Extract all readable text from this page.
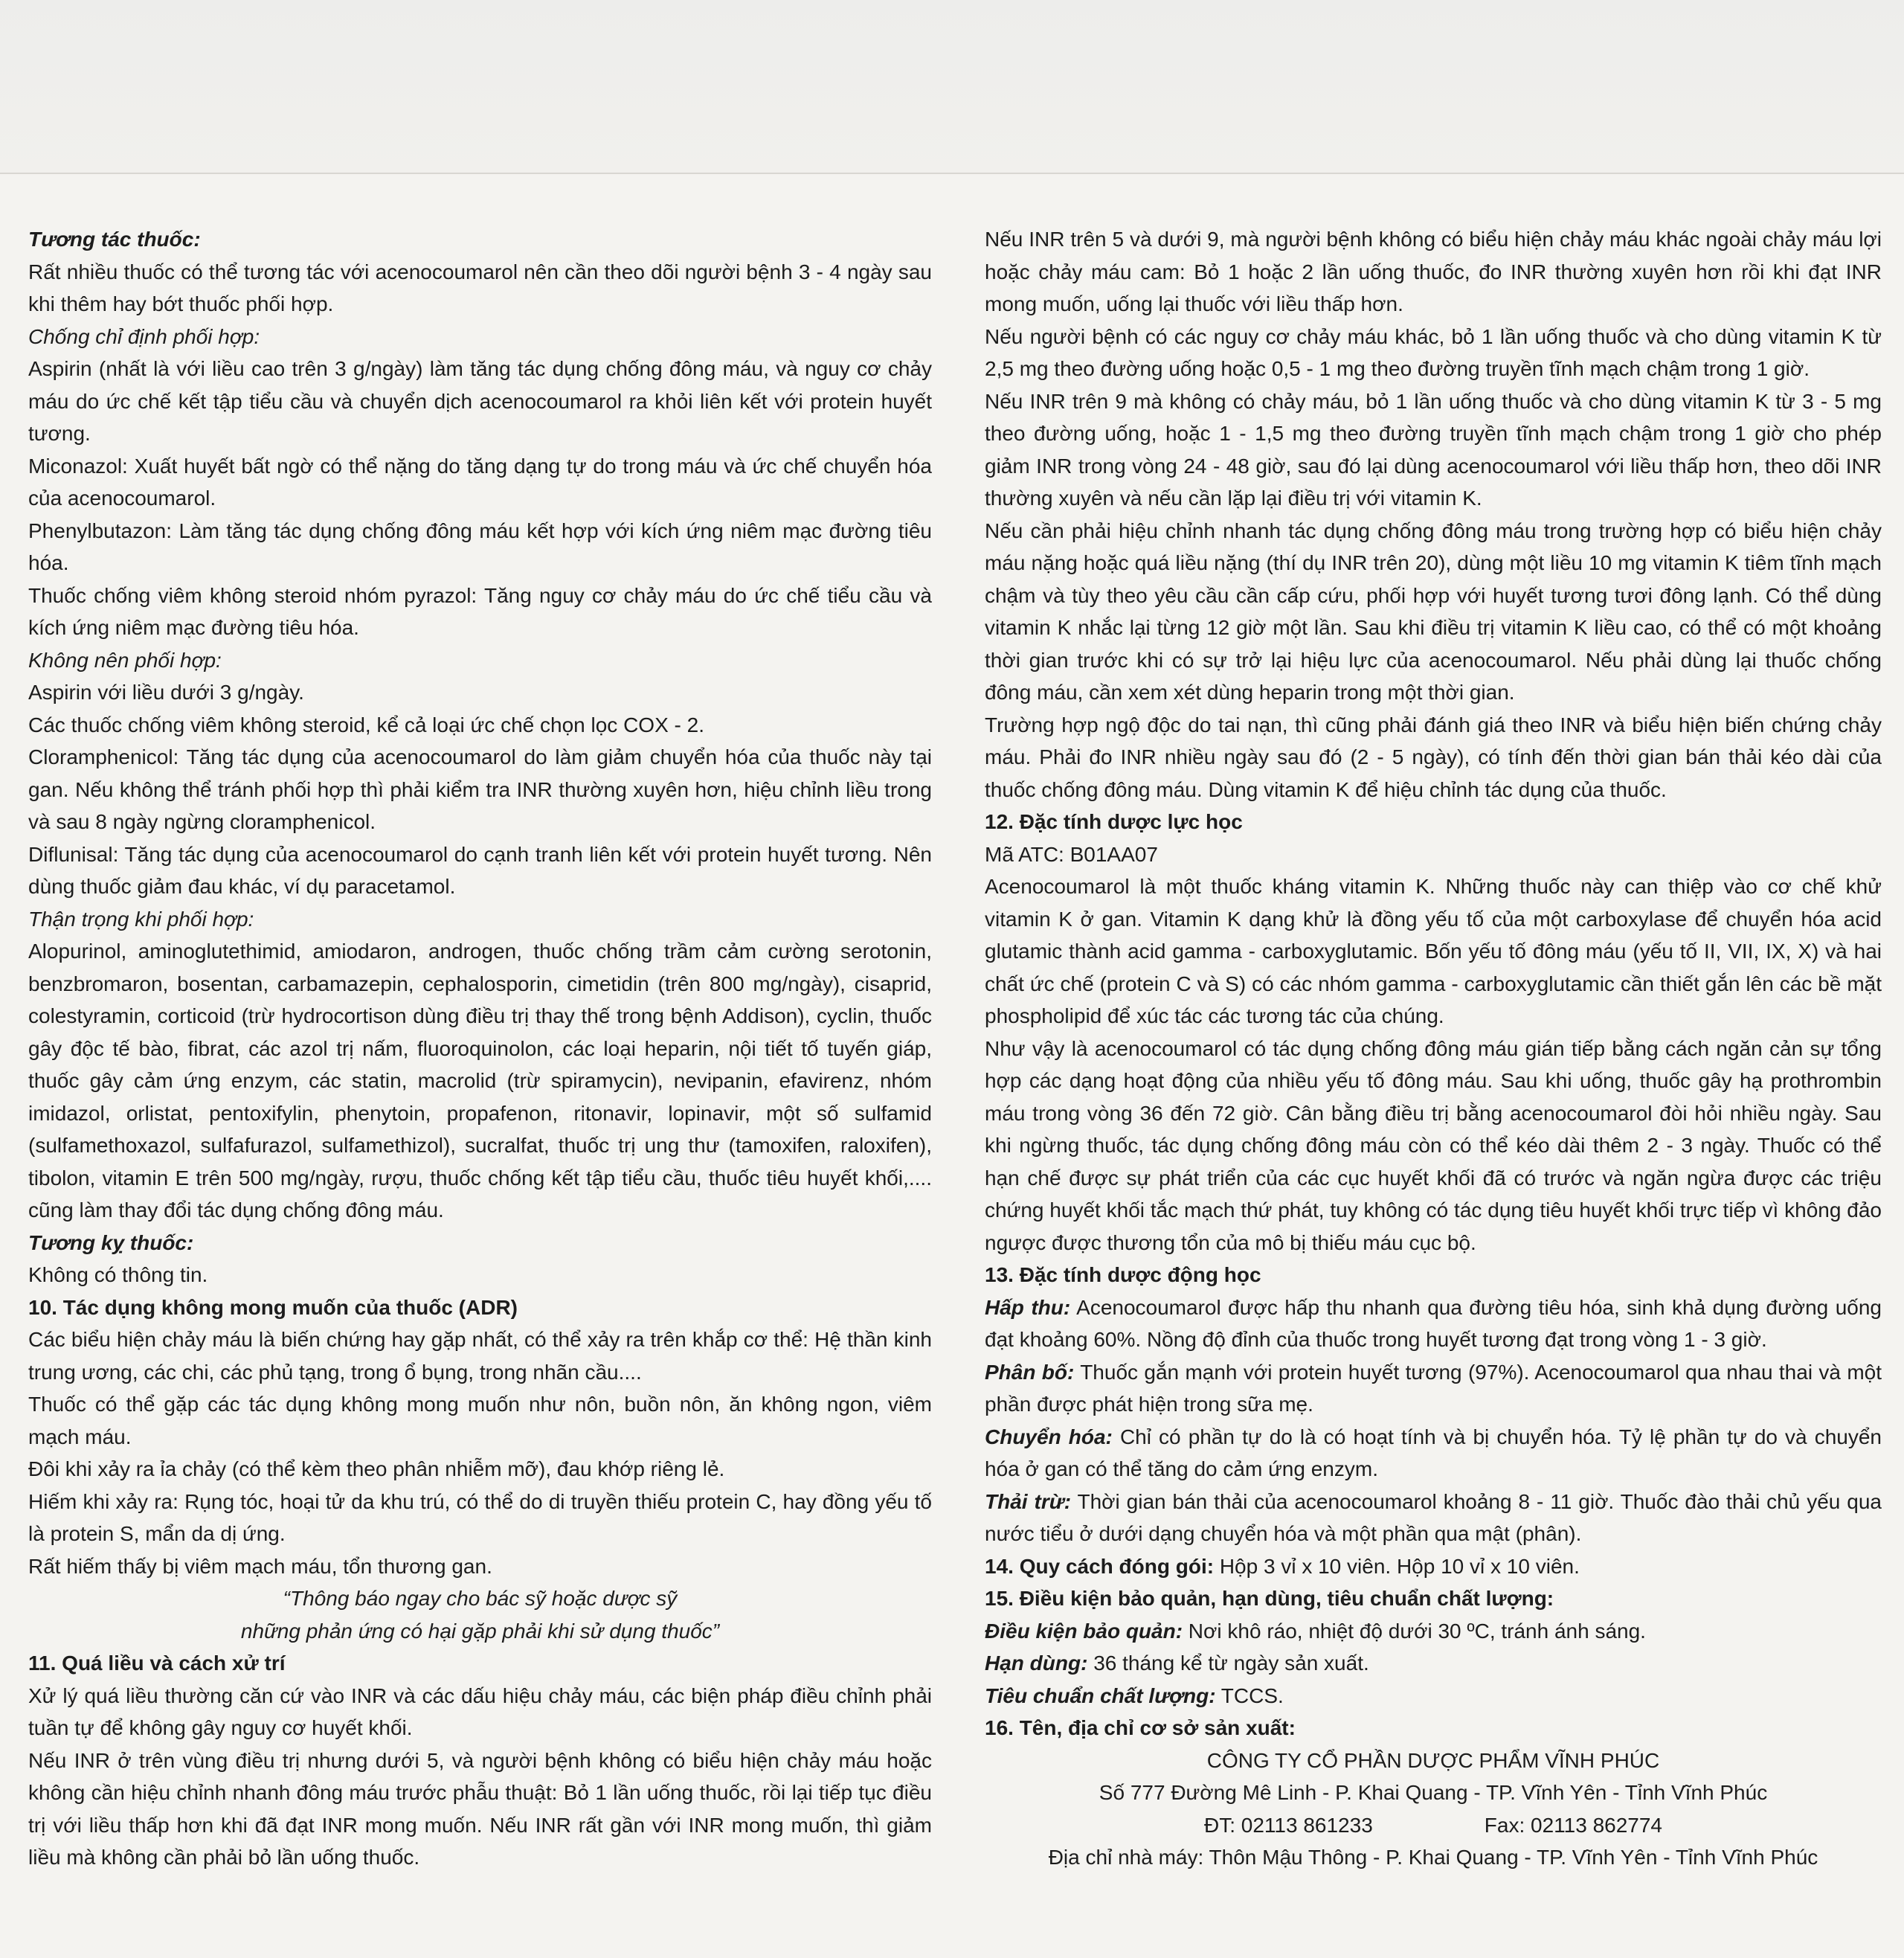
Tương tác thuốc:

Rất nhiều thuốc có thể tương tác với acenocoumarol nên cần theo dõi người bệnh 3 - 4 ngày sau khi thêm hay bớt thuốc phối hợp.

Chống chỉ định phối hợp:

Aspirin (nhất là với liều cao trên 3 g/ngày) làm tăng tác dụng chống đông máu, và nguy cơ chảy máu do ức chế kết tập tiểu cầu và chuyển dịch acenocoumarol ra khỏi liên kết với protein huyết tương.

Miconazol: Xuất huyết bất ngờ có thể nặng do tăng dạng tự do trong máu và ức chế chuyển hóa của acenocoumarol.

Phenylbutazon: Làm tăng tác dụng chống đông máu kết hợp với kích ứng niêm mạc đường tiêu hóa.

Thuốc chống viêm không steroid nhóm pyrazol: Tăng nguy cơ chảy máu do ức chế tiểu cầu và kích ứng niêm mạc đường tiêu hóa.

Không nên phối hợp:

Aspirin với liều dưới 3 g/ngày.

Các thuốc chống viêm không steroid, kể cả loại ức chế chọn lọc COX - 2.

Cloramphenicol: Tăng tác dụng của acenocoumarol do làm giảm chuyển hóa của thuốc này tại gan. Nếu không thể tránh phối hợp thì phải kiểm tra INR thường xuyên hơn, hiệu chỉnh liều trong và sau 8 ngày ngừng cloramphenicol.

Diflunisal: Tăng tác dụng của acenocoumarol do cạnh tranh liên kết với protein huyết tương. Nên dùng thuốc giảm đau khác, ví dụ paracetamol.

Thận trọng khi phối hợp:

Alopurinol, aminoglutethimid, amiodaron, androgen, thuốc chống trầm cảm cường serotonin, benzbromaron, bosentan, carbamazepin, cephalosporin, cimetidin (trên 800 mg/ngày), cisaprid, colestyramin, corticoid (trừ hydrocortison dùng điều trị thay thế trong bệnh Addison), cyclin, thuốc gây độc tế bào, fibrat, các azol trị nấm, fluoroquinolon, các loại heparin, nội tiết tố tuyến giáp, thuốc gây cảm ứng enzym, các statin, macrolid (trừ spiramycin), nevipanin, efavirenz, nhóm imidazol, orlistat, pentoxifylin, phenytoin, propafenon, ritonavir, lopinavir, một số sulfamid (sulfamethoxazol, sulfafurazol, sulfamethizol), sucralfat, thuốc trị ung thư (tamoxifen, raloxifen), tibolon, vitamin E trên 500 mg/ngày, rượu, thuốc chống kết tập tiểu cầu, thuốc tiêu huyết khối,.... cũng làm thay đổi tác dụng chống đông máu.

Tương kỵ thuốc:

Không có thông tin.

10. Tác dụng không mong muốn của thuốc (ADR)

Các biểu hiện chảy máu là biến chứng hay gặp nhất, có thể xảy ra trên khắp cơ thể: Hệ thần kinh trung ương, các chi, các phủ tạng, trong ổ bụng, trong nhãn cầu....

Thuốc có thể gặp các tác dụng không mong muốn như nôn, buồn nôn, ăn không ngon, viêm mạch máu.

Đôi khi xảy ra ỉa chảy (có thể kèm theo phân nhiễm mỡ), đau khớp riêng lẻ.

Hiếm khi xảy ra: Rụng tóc, hoại tử da khu trú, có thể do di truyền thiếu protein C, hay đồng yếu tố là protein S, mẩn da dị ứng.

Rất hiếm thấy bị viêm mạch máu, tổn thương gan.

“Thông báo ngay cho bác sỹ hoặc dược sỹ

những phản ứng có hại gặp phải khi sử dụng thuốc”

11. Quá liều và cách xử trí

Xử lý quá liều thường căn cứ vào INR và các dấu hiệu chảy máu, các biện pháp điều chỉnh phải tuần tự để không gây nguy cơ huyết khối.

Nếu INR ở trên vùng điều trị nhưng dưới 5, và người bệnh không có biểu hiện chảy máu hoặc không cần hiệu chỉnh nhanh đông máu trước phẫu thuật: Bỏ 1 lần uống thuốc, rồi lại tiếp tục điều trị với liều thấp hơn khi đã đạt INR mong muốn. Nếu INR rất gần với INR mong muốn, thì giảm liều mà không cần phải bỏ lần uống thuốc.

Nếu INR trên 5 và dưới 9, mà người bệnh không có biểu hiện chảy máu khác ngoài chảy máu lợi hoặc chảy máu cam: Bỏ 1 hoặc 2 lần uống thuốc, đo INR thường xuyên hơn rồi khi đạt INR mong muốn, uống lại thuốc với liều thấp hơn.

Nếu người bệnh có các nguy cơ chảy máu khác, bỏ 1 lần uống thuốc và cho dùng vitamin K từ 2,5 mg theo đường uống hoặc 0,5 - 1 mg theo đường truyền tĩnh mạch chậm trong 1 giờ.

Nếu INR trên 9 mà không có chảy máu, bỏ 1 lần uống thuốc và cho dùng vitamin K từ 3 - 5 mg theo đường uống, hoặc 1 - 1,5 mg theo đường truyền tĩnh mạch chậm trong 1 giờ cho phép giảm INR trong vòng 24 - 48 giờ, sau đó lại dùng acenocoumarol với liều thấp hơn, theo dõi INR thường xuyên và nếu cần lặp lại điều trị với vitamin K.

Nếu cần phải hiệu chỉnh nhanh tác dụng chống đông máu trong trường hợp có biểu hiện chảy máu nặng hoặc quá liều nặng (thí dụ INR trên 20), dùng một liều 10 mg vitamin K tiêm tĩnh mạch chậm và tùy theo yêu cầu cần cấp cứu, phối hợp với huyết tương tươi đông lạnh. Có thể dùng vitamin K nhắc lại từng 12 giờ một lần. Sau khi điều trị vitamin K liều cao, có thể có một khoảng thời gian trước khi có sự trở lại hiệu lực của acenocoumarol. Nếu phải dùng lại thuốc chống đông máu, cần xem xét dùng heparin trong một thời gian.

Trường hợp ngộ độc do tai nạn, thì cũng phải đánh giá theo INR và biểu hiện biến chứng chảy máu. Phải đo INR nhiều ngày sau đó (2 - 5 ngày), có tính đến thời gian bán thải kéo dài của thuốc chống đông máu. Dùng vitamin K để hiệu chỉnh tác dụng của thuốc.

12. Đặc tính dược lực học

Mã ATC: B01AA07

Acenocoumarol là một thuốc kháng vitamin K. Những thuốc này can thiệp vào cơ chế khử vitamin K ở gan. Vitamin K dạng khử là đồng yếu tố của một carboxylase để chuyển hóa acid glutamic thành acid gamma - carboxyglutamic. Bốn yếu tố đông máu (yếu tố II, VII, IX, X) và hai chất ức chế (protein C và S) có các nhóm gamma - carboxyglutamic cần thiết gắn lên các bề mặt phospholipid để xúc tác các tương tác của chúng.

Như vậy là acenocoumarol có tác dụng chống đông máu gián tiếp bằng cách ngăn cản sự tổng hợp các dạng hoạt động của nhiều yếu tố đông máu. Sau khi uống, thuốc gây hạ prothrombin máu trong vòng 36 đến 72 giờ. Cân bằng điều trị bằng acenocoumarol đòi hỏi nhiều ngày. Sau khi ngừng thuốc, tác dụng chống đông máu còn có thể kéo dài thêm 2 - 3 ngày. Thuốc có thể hạn chế được sự phát triển của các cục huyết khối đã có trước và ngăn ngừa được các triệu chứng huyết khối tắc mạch thứ phát, tuy không có tác dụng tiêu huyết khối trực tiếp vì không đảo ngược được thương tổn của mô bị thiếu máu cục bộ.

13. Đặc tính dược động học

Hấp thu: Acenocoumarol được hấp thu nhanh qua đường tiêu hóa, sinh khả dụng đường uống đạt khoảng 60%. Nồng độ đỉnh của thuốc trong huyết tương đạt trong vòng 1 - 3 giờ.

Phân bố: Thuốc gắn mạnh với protein huyết tương (97%). Acenocoumarol qua nhau thai và một phần được phát hiện trong sữa mẹ.

Chuyển hóa: Chỉ có phần tự do là có hoạt tính và bị chuyển hóa. Tỷ lệ phần tự do và chuyển hóa ở gan có thể tăng do cảm ứng enzym.

Thải trừ: Thời gian bán thải của acenocoumarol khoảng 8 - 11 giờ. Thuốc đào thải chủ yếu qua nước tiểu ở dưới dạng chuyển hóa và một phần qua mật (phân).

14. Quy cách đóng gói: Hộp 3 vỉ x 10 viên. Hộp 10 vỉ x 10 viên.

15. Điều kiện bảo quản, hạn dùng, tiêu chuẩn chất lượng:

Điều kiện bảo quản: Nơi khô ráo, nhiệt độ dưới 30 ºC, tránh ánh sáng.

Hạn dùng: 36 tháng kể từ ngày sản xuất.

Tiêu chuẩn chất lượng: TCCS.

16. Tên, địa chỉ cơ sở sản xuất:

CÔNG TY CỔ PHẦN DƯỢC PHẨM VĨNH PHÚC

Số 777 Đường Mê Linh - P. Khai Quang - TP. Vĩnh Yên - Tỉnh Vĩnh Phúc

ĐT: 02113 861233	Fax: 02113 862774

Địa chỉ nhà máy: Thôn Mậu Thông - P. Khai Quang - TP. Vĩnh Yên - Tỉnh Vĩnh Phúc
